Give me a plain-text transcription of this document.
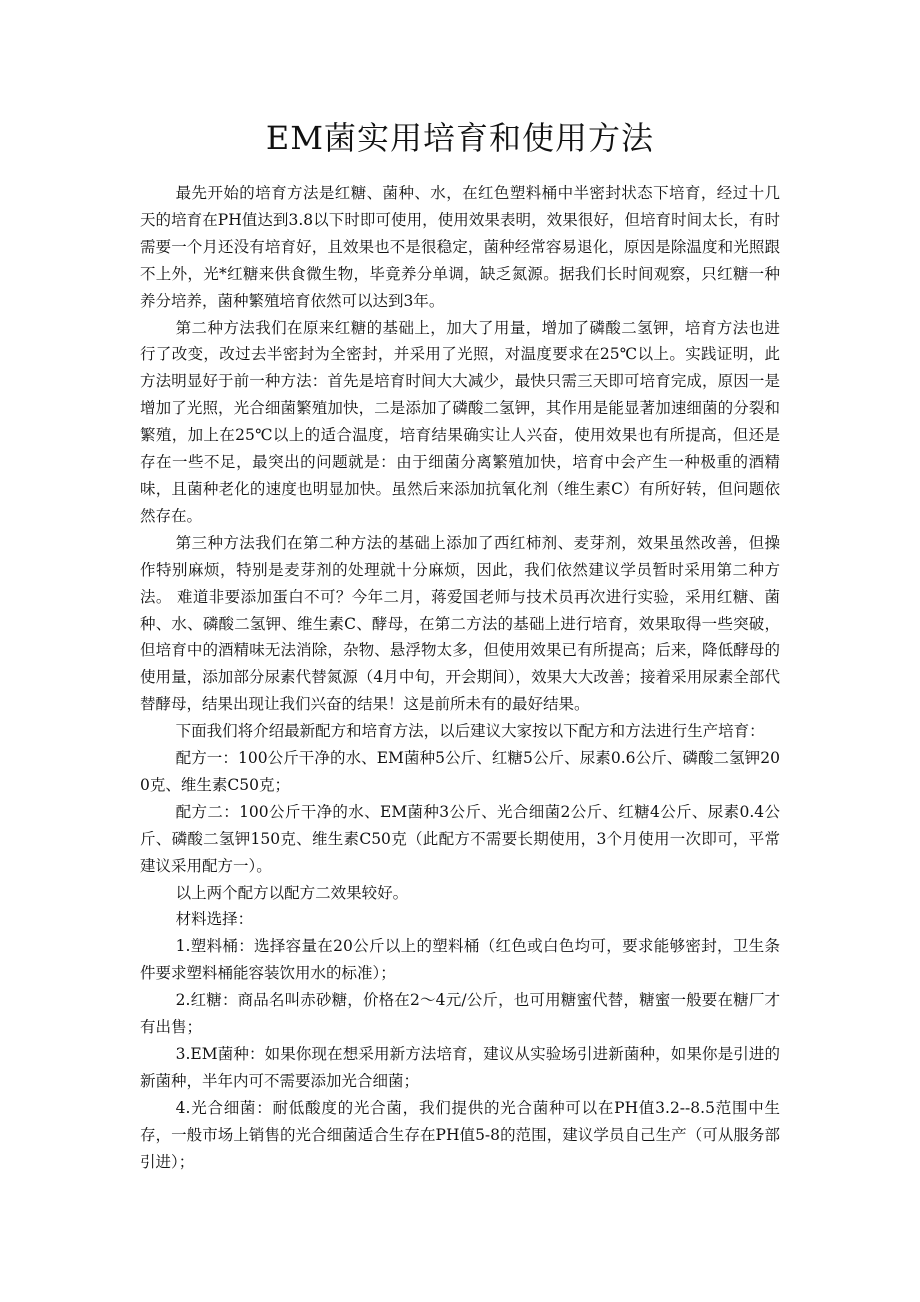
EM菌实用培育和使用方法

最先开始的培育方法是红糖、菌种、水，在红色塑料桶中半密封状态下培育，经过十几天的培育在PH值达到3.8以下时即可使用，使用效果表明，效果很好，但培育时间太长，有时需要一个月还没有培育好，且效果也不是很稳定，菌种经常容易退化，原因是除温度和光照跟不上外，光*红糖来供食微生物，毕竟养分单调，缺乏氮源。据我们长时间观察，只红糖一种养分培养，菌种繁殖培育依然可以达到3年。

第二种方法我们在原来红糖的基础上，加大了用量，增加了磷酸二氢钾，培育方法也进行了改变，改过去半密封为全密封，并采用了光照，对温度要求在25℃以上。实践证明，此方法明显好于前一种方法：首先是培育时间大大减少，最快只需三天即可培育完成，原因一是增加了光照，光合细菌繁殖加快，二是添加了磷酸二氢钾，其作用是能显著加速细菌的分裂和繁殖，加上在25℃以上的适合温度，培育结果确实让人兴奋，使用效果也有所提高，但还是存在一些不足，最突出的问题就是：由于细菌分离繁殖加快，培育中会产生一种极重的酒精味，且菌种老化的速度也明显加快。虽然后来添加抗氧化剂（维生素C）有所好转，但问题依然存在。

第三种方法我们在第二种方法的基础上添加了西红柿剂、麦芽剂，效果虽然改善，但操作特别麻烦，特别是麦芽剂的处理就十分麻烦，因此，我们依然建议学员暂时采用第二种方法。 难道非要添加蛋白不可？今年二月，蒋爱国老师与技术员再次进行实验，采用红糖、菌种、水、磷酸二氢钾、维生素C、酵母，在第二方法的基础上进行培育，效果取得一些突破，但培育中的酒精味无法消除，杂物、悬浮物太多，但使用效果已有所提高；后来，降低酵母的使用量，添加部分尿素代替氮源（4月中旬，开会期间），效果大大改善；接着采用尿素全部代替酵母，结果出现让我们兴奋的结果！这是前所未有的最好结果。

下面我们将介绍最新配方和培育方法，以后建议大家按以下配方和方法进行生产培育：

配方一：100公斤干净的水、EM菌种5公斤、红糖5公斤、尿素0.6公斤、磷酸二氢钾200克、维生素C50克；

配方二：100公斤干净的水、EM菌种3公斤、光合细菌2公斤、红糖4公斤、尿素0.4公斤、磷酸二氢钾150克、维生素C50克（此配方不需要长期使用，3个月使用一次即可，平常建议采用配方一）。

以上两个配方以配方二效果较好。

材料选择：

1.塑料桶：选择容量在20公斤以上的塑料桶（红色或白色均可，要求能够密封，卫生条件要求塑料桶能容装饮用水的标准）；

2.红糖：商品名叫赤砂糖，价格在2～4元/公斤，也可用糖蜜代替，糖蜜一般要在糖厂才有出售；

3.EM菌种：如果你现在想采用新方法培育，建议从实验场引进新菌种，如果你是引进的新菌种，半年内可不需要添加光合细菌；

4.光合细菌：耐低酸度的光合菌，我们提供的光合菌种可以在PH值3.2--8.5范围中生存，一般市场上销售的光合细菌适合生存在PH值5-8的范围，建议学员自己生产（可从服务部引进）；
